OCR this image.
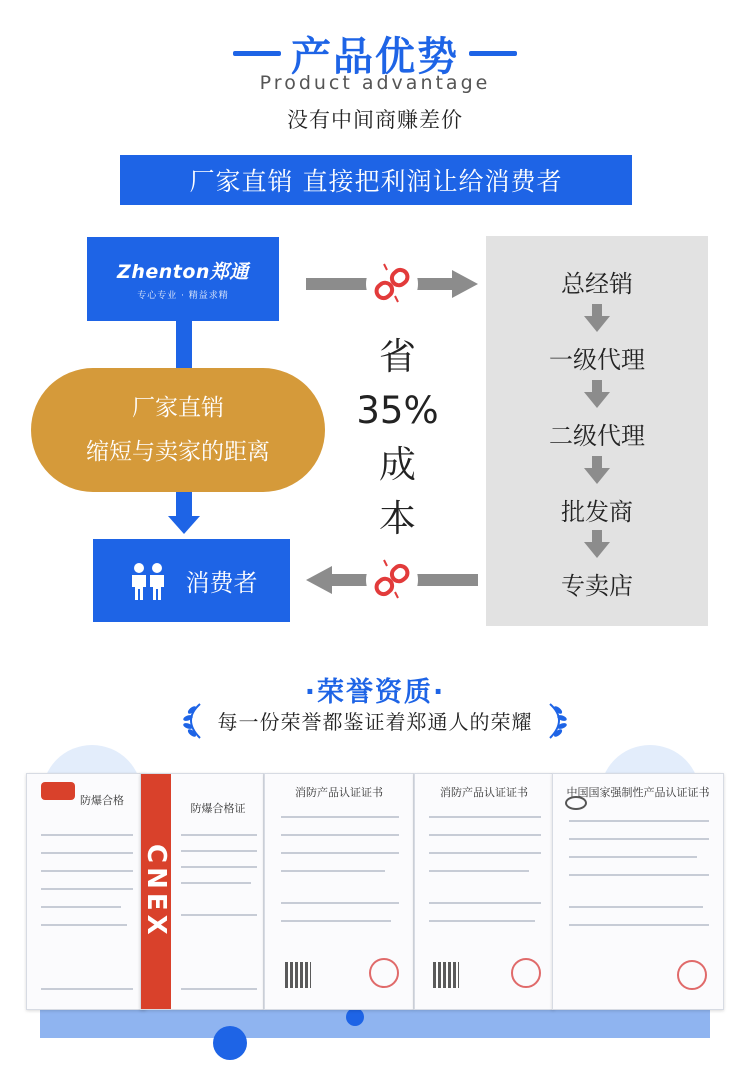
产品优势
Product advantage
没有中间商赚差价
厂家直销 直接把利润让给消费者
Zhenton郑通
专心专业 · 精益求精
厂家直销
缩短与卖家的距离
消费者
省
35%
成
本
总经销
一级代理
二级代理
批发商
专卖店
·荣誉资质·
每一份荣誉都鉴证着郑通人的荣耀
防爆合格
CNEX
防爆合格证
消防产品认证证书	消防产品认证证书	中国国家强制性产品认证证书
